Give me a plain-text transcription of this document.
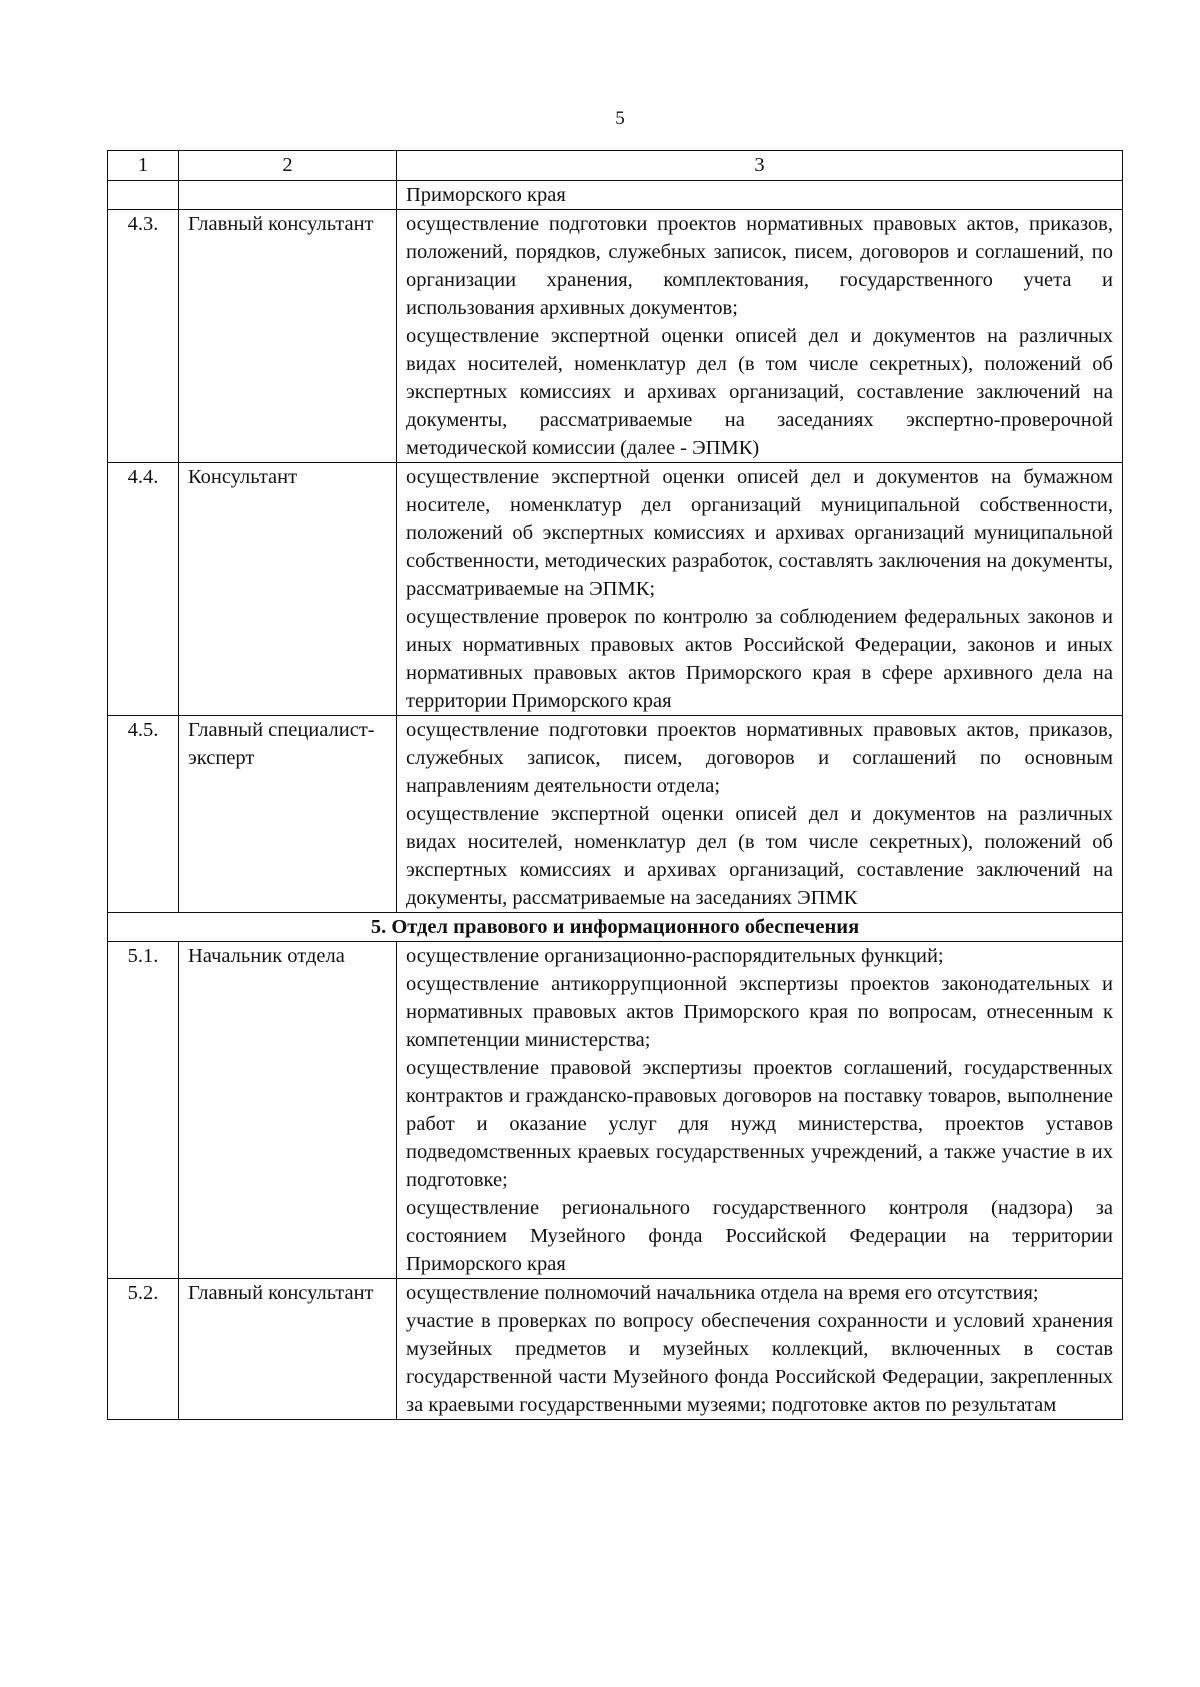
5
1	2	3
		Приморского края
4.3.	Главный консультант	осуществление подготовки проектов нормативных правовых актов, приказов, положений, порядков, служебных записок, писем, договоров и соглашений, по организации хранения, комплектования, государственного учета и использования архивных документов;
осуществление экспертной оценки описей дел и документов на различных видах носителей, номенклатур дел (в том числе секретных), положений об экспертных комиссиях и архивах организаций, составление заключений на документы, рассматриваемые на заседаниях экспертно-проверочной методической комиссии (далее - ЭПМК)

4.4.	Консультант	осуществление экспертной оценки описей дел и документов на бумажном носителе, номенклатур дел организаций муниципальной собственности, положений об экспертных комиссиях и архивах организаций муниципальной собственности, методических разработок, составлять заключения на документы, рассматриваемые на ЭПМК;
осуществление проверок по контролю за соблюдением федеральных законов и иных нормативных правовых актов Российской Федерации, законов и иных нормативных правовых актов Приморского края в сфере архивного дела на территории Приморского края

4.5.	Главный специалист-эксперт	осуществление подготовки проектов нормативных правовых актов, приказов, служебных записок, писем, договоров и соглашений по основным направлениям деятельности отдела;
осуществление экспертной оценки описей дел и документов на различных видах носителей, номенклатур дел (в том числе секретных), положений об экспертных комиссиях и архивах организаций, составление заключений на документы, рассматриваемые на заседаниях ЭПМК

5. Отдел правового и информационного обеспечения		
5.1.	Начальник отдела	осуществление организационно-распорядительных функций;
осуществление антикоррупционной экспертизы проектов законодательных и нормативных правовых актов Приморского края по вопросам, отнесенным к компетенции министерства;
осуществление правовой экспертизы проектов соглашений, государственных контрактов и гражданско-правовых договоров на поставку товаров, выполнение работ и оказание услуг для нужд министерства, проектов уставов подведомственных краевых государственных учреждений, а также участие в их подготовке;
осуществление регионального государственного контроля (надзора) за состоянием Музейного фонда Российской Федерации на территории Приморского края

5.2.	Главный консультант	осуществление полномочий начальника отдела на время его отсутствия;
участие в проверках по вопросу обеспечения сохранности и условий хранения музейных предметов и музейных коллекций, включенных в состав государственной части Музейного фонда Российской Федерации, закрепленных за краевыми государственными музеями; подготовке актов по результатам
